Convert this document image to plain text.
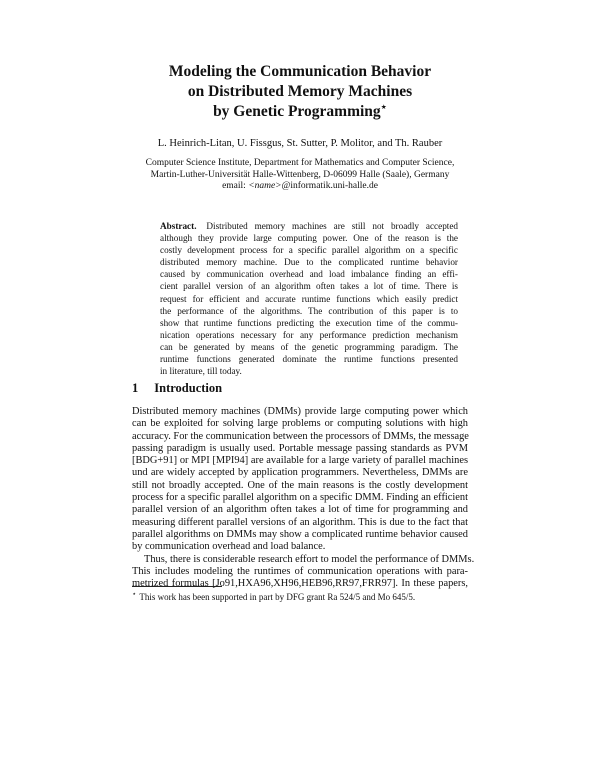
Modeling the Communication Behavior
on Distributed Memory Machines
by Genetic Programming⋆
L. Heinrich-Litan, U. Fissgus, St. Sutter, P. Molitor, and Th. Rauber
Computer Science Institute, Department for Mathematics and Computer Science,
Martin-Luther-Universität Halle-Wittenberg, D-06099 Halle (Saale), Germany
email: <name>@informatik.uni-halle.de
Abstract. Distributed memory machines are still not broadly accepted
although they provide large computing power. One of the reason is the
costly development process for a specific parallel algorithm on a specific
distributed memory machine. Due to the complicated runtime behavior
caused by communication overhead and load imbalance finding an effi-
cient parallel version of an algorithm often takes a lot of time. There is
request for efficient and accurate runtime functions which easily predict
the performance of the algorithms. The contribution of this paper is to
show that runtime functions predicting the execution time of the commu-
nication operations necessary for any performance prediction mechanism
can be generated by means of the genetic programming paradigm. The
runtime functions generated dominate the runtime functions presented
in literature, till today.
1 Introduction
Distributed memory machines (DMMs) provide large computing power which
can be exploited for solving large problems or computing solutions with high
accuracy. For the communication between the processors of DMMs, the message
passing paradigm is usually used. Portable message passing standards as PVM
[BDG+91] or MPI [MPI94] are available for a large variety of parallel machines
und are widely accepted by application programmers. Nevertheless, DMMs are
still not broadly accepted. One of the main reasons is the costly development
process for a specific parallel algorithm on a specific DMM. Finding an efficient
parallel version of an algorithm often takes a lot of time for programming and
measuring different parallel versions of an algorithm. This is due to the fact that
parallel algorithms on DMMs may show a complicated runtime behavior caused
by communication overhead and load balance.
Thus, there is considerable research effort to model the performance of DMMs.
This includes modeling the runtimes of communication operations with para-
metrized formulas [Jo91,HXA96,XH96,HEB96,RR97,FRR97]. In these papers,
⋆ This work has been supported in part by DFG grant Ra 524/5 and Mo 645/5.
